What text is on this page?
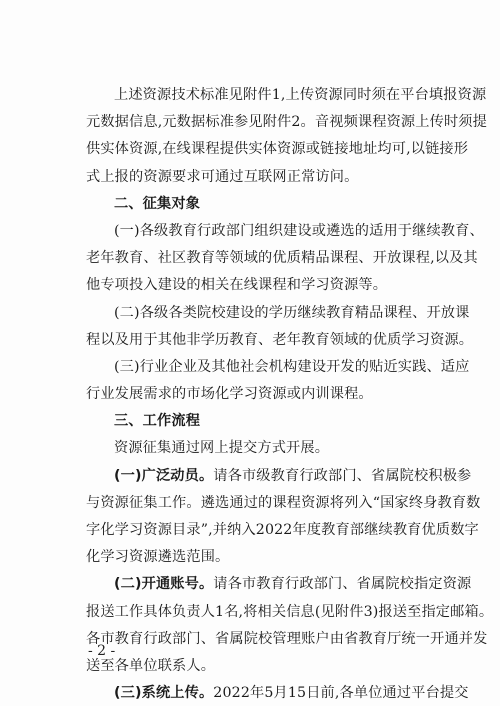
上述资源技术标准见附件1,上传资源同时须在平台填报资源
元数据信息,元数据标准参见附件2。音视频课程资源上传时须提
供实体资源,在线课程提供实体资源或链接地址均可,以链接形
式上报的资源要求可通过互联网正常访问。
二、征集对象
(一)各级教育行政部门组织建设或遴选的适用于继续教育、
老年教育、社区教育等领域的优质精品课程、开放课程,以及其
他专项投入建设的相关在线课程和学习资源等。
(二)各级各类院校建设的学历继续教育精品课程、开放课
程以及用于其他非学历教育、老年教育领域的优质学习资源。
(三)行业企业及其他社会机构建设开发的贴近实践、适应
行业发展需求的市场化学习资源或内训课程。
三、工作流程
资源征集通过网上提交方式开展。
(一)广泛动员。请各市级教育行政部门、省属院校积极参
与资源征集工作。遴选通过的课程资源将列入“国家终身教育数
字化学习资源目录”,并纳入2022年度教育部继续教育优质数字
化学习资源遴选范围。
(二)开通账号。请各市教育行政部门、省属院校指定资源
报送工作具体负责人1名,将相关信息(见附件3)报送至指定邮箱。
各市教育行政部门、省属院校管理账户由省教育厅统一开通并发
送至各单位联系人。
(三)系统上传。2022年5月15日前,各单位通过平台提交
- 2 -
